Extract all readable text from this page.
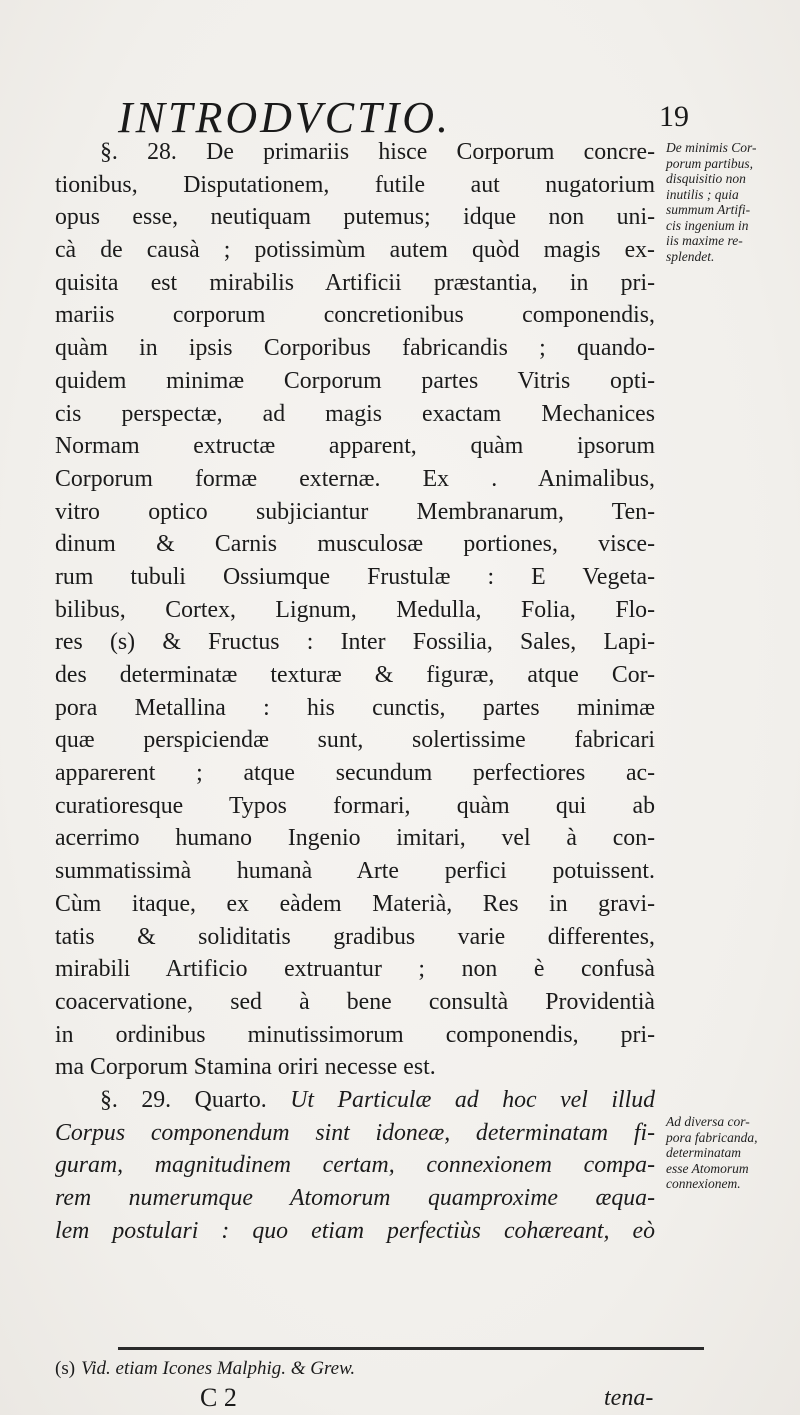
INTRODVCTIO.	19
§. 28. De primariis hisce Corporum concre-
tionibus, Disputationem, futile aut nugatorium
opus esse, neutiquam putemus; idque non uni-
cà de causà ; potissimùm autem quòd magis ex-
quisita est mirabilis Artificii præstantia, in pri-
mariis corporum concretionibus componendis,
quàm in ipsis Corporibus fabricandis ; quando-
quidem minimæ Corporum partes Vitris opti-
cis perspectæ, ad magis exactam Mechanices
Normam extructæ apparent, quàm ipsorum
Corporum formæ externæ. Ex . Animalibus,
vitro optico subjiciantur Membranarum, Ten-
dinum & Carnis musculosæ portiones, visce-
rum tubuli Ossiumque Frustulæ : E Vegeta-
bilibus, Cortex, Lignum, Medulla, Folia, Flo-
res (s) & Fructus : Inter Fossilia, Sales, Lapi-
des determinatæ texturæ & figuræ, atque Cor-
pora Metallina : his cunctis, partes minimæ
quæ perspiciendæ sunt, solertissime fabricari
apparerent ; atque secundum perfectiores ac-
curatioresque Typos formari, quàm qui ab
acerrimo humano Ingenio imitari, vel à con-
summatissimà humanà Arte perfici potuissent.
Cùm itaque, ex eàdem Materià, Res in gravi-
tatis & soliditatis gradibus varie differentes,
mirabili Artificio extruantur ; non è confusà
coacervatione, sed à bene consultà Providentià
in ordinibus minutissimorum componendis, pri-
ma Corporum Stamina oriri necesse est.
§. 29. Quarto. Ut Particulæ ad hoc vel illud
Corpus componendum sint idoneæ, determinatam fi-
guram, magnitudinem certam, connexionem compa-
rem numerumque Atomorum quamproxime æqua-
lem postulari : quo etiam perfectiùs cohæreant, eò
De minimis Cor-
porum partibus,
disquisitio non
inutilis ; quia
summum Artifi-
cis ingenium in
iis maxime re-
splendet.
Ad diversa cor-
pora fabricanda,
determinatam
esse Atomorum
connexionem.

(s) Vid. etiam Icones Malphig. & Grew.

C 2	tena-
